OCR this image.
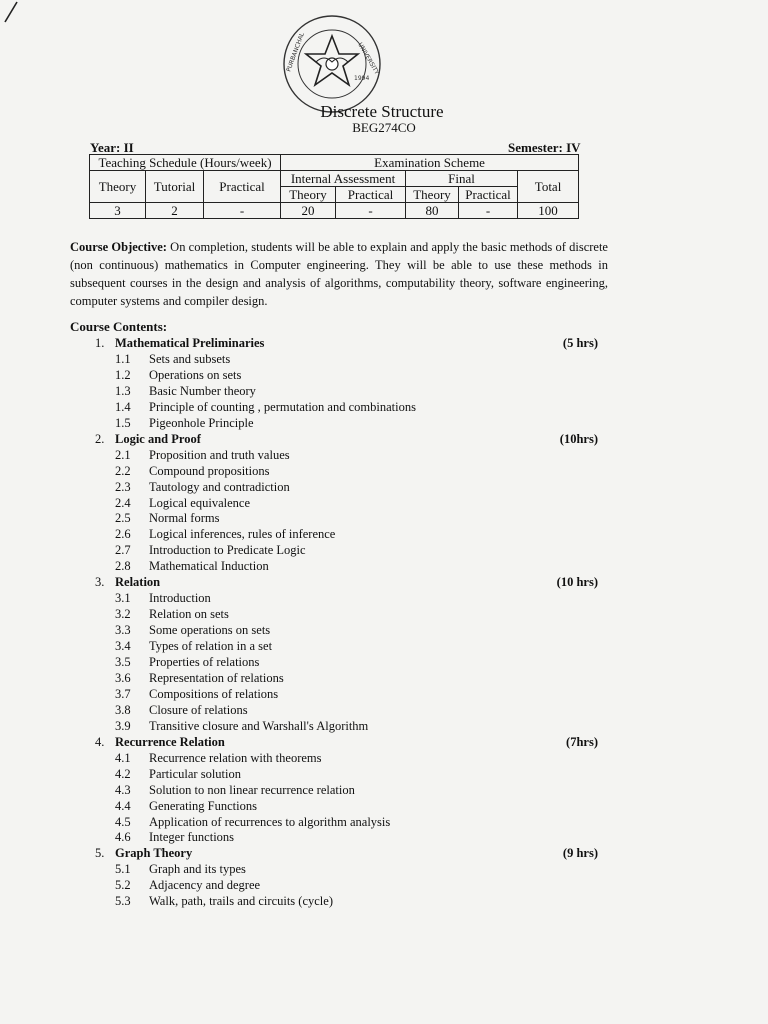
PURBANCHAL	UNIVERSITY
1994
Discrete Structure
BEG274CO
Year: II	Semester: IV
Teaching Schedule (Hours/week)			Examination Scheme				
Theory	Tutorial	Practical	Internal Assessment		Final		Total
			Theory	Practical	Theory	Practical	
3	2	-	20	-	80	-	100
Course Objective: On completion, students will be able to explain and apply the basic methods of discrete (non continuous) mathematics in Computer engineering. They will be able to use these methods in subsequent courses in the design and analysis of algorithms, computability theory, software engineering, computer systems and compiler design.
Course Contents:
1. Mathematical Preliminaries	(5 hrs)
1.1 Sets and subsets
1.2 Operations on sets
1.3 Basic Number theory
1.4 Principle of counting , permutation and combinations
1.5 Pigeonhole Principle
2. Logic and Proof	(10hrs)
2.1 Proposition and truth values
2.2 Compound propositions
2.3 Tautology and contradiction
2.4 Logical equivalence
2.5 Normal forms
2.6 Logical inferences, rules of inference
2.7 Introduction to Predicate Logic
2.8 Mathematical Induction
3. Relation	(10 hrs)
3.1 Introduction
3.2 Relation on sets
3.3 Some operations on sets
3.4 Types of relation in a set
3.5 Properties of relations
3.6 Representation of relations
3.7 Compositions of relations
3.8 Closure of relations
3.9 Transitive closure and Warshall's Algorithm
4. Recurrence Relation	(7hrs)
4.1 Recurrence relation with theorems
4.2 Particular solution
4.3 Solution to non linear recurrence relation
4.4 Generating Functions
4.5 Application of recurrences to algorithm analysis
4.6 Integer functions
5. Graph Theory	(9 hrs)
5.1 Graph and its types
5.2 Adjacency and degree
5.3 Walk, path, trails and circuits (cycle)
